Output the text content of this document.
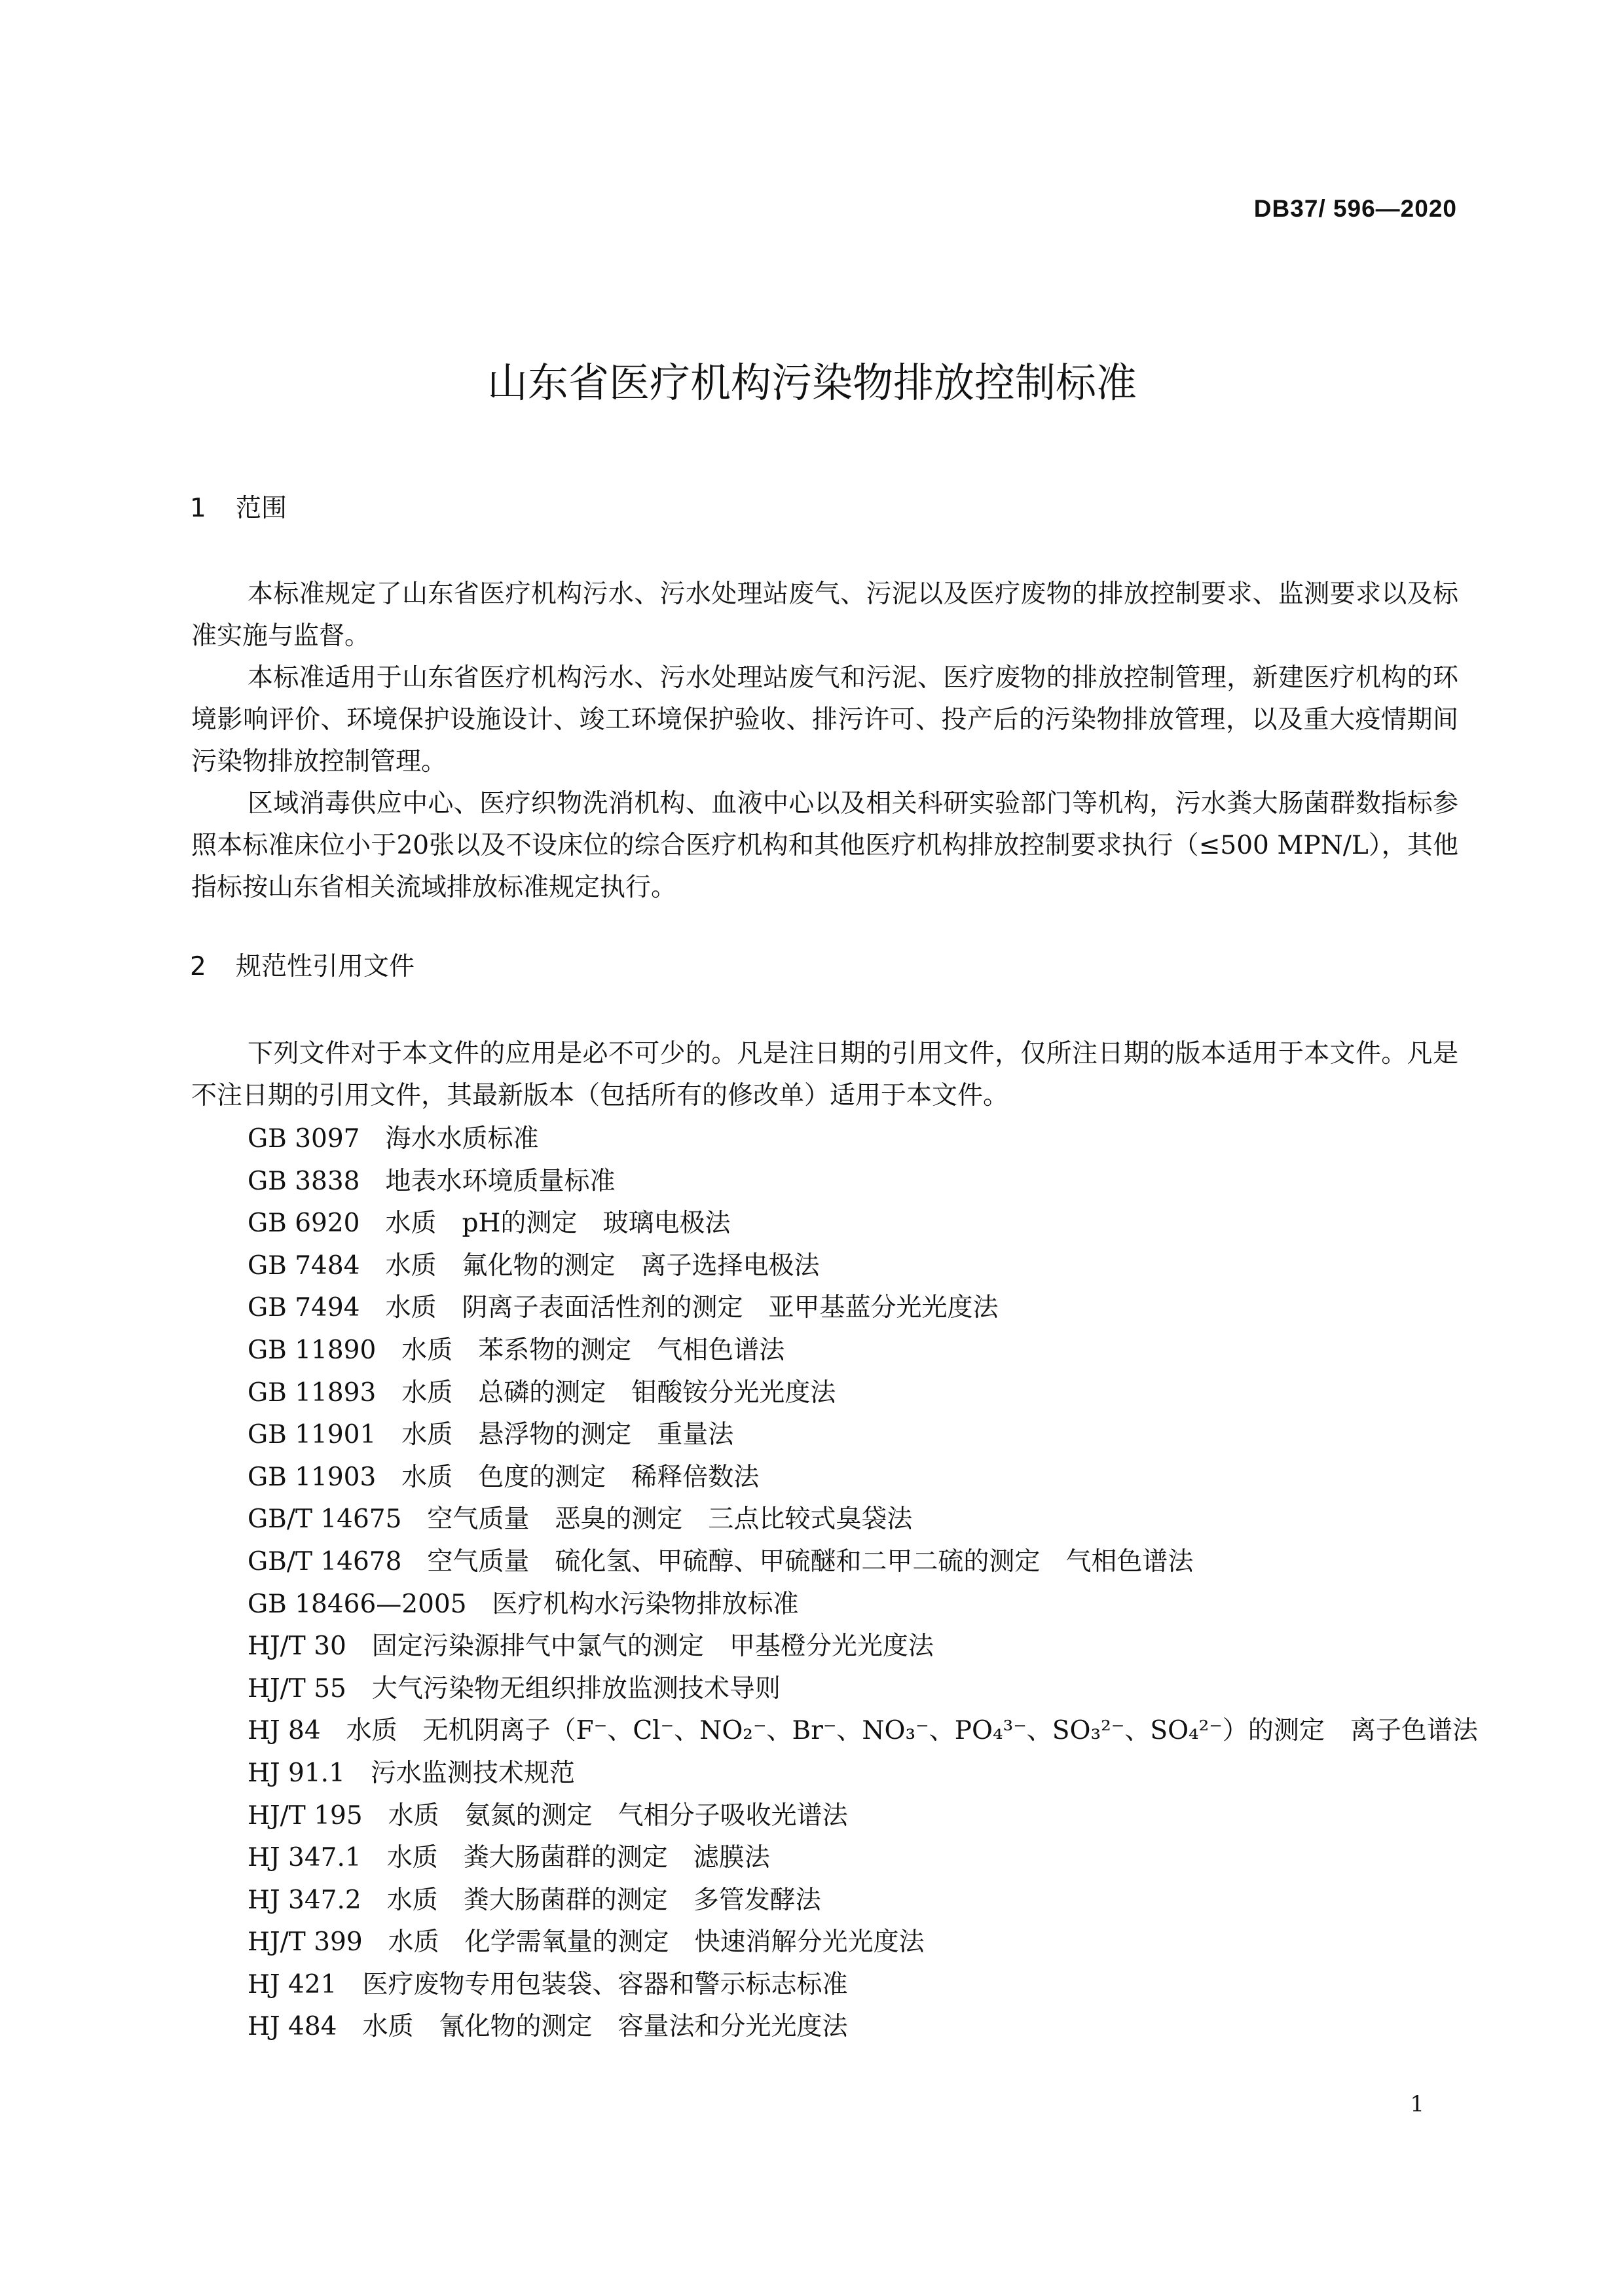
DB37/ 596—2020
山东省医疗机构污染物排放控制标准
1 范围

本标准规定了山东省医疗机构污水、污水处理站废气、污泥以及医疗废物的排放控制要求、监测要求以及标准实施与监督。

本标准适用于山东省医疗机构污水、污水处理站废气和污泥、医疗废物的排放控制管理，新建医疗机构的环境影响评价、环境保护设施设计、竣工环境保护验收、排污许可、投产后的污染物排放管理，以及重大疫情期间污染物排放控制管理。

区域消毒供应中心、医疗织物洗消机构、血液中心以及相关科研实验部门等机构，污水粪大肠菌群数指标参照本标准床位小于20张以及不设床位的综合医疗机构和其他医疗机构排放控制要求执行（≤500 MPN/L），其他指标按山东省相关流域排放标准规定执行。

2 规范性引用文件

下列文件对于本文件的应用是必不可少的。凡是注日期的引用文件，仅所注日期的版本适用于本文件。凡是不注日期的引用文件，其最新版本（包括所有的修改单）适用于本文件。

GB 3097　海水水质标准
GB 3838　地表水环境质量标准
GB 6920　水质　pH的测定　玻璃电极法
GB 7484　水质　氟化物的测定　离子选择电极法
GB 7494　水质　阴离子表面活性剂的测定　亚甲基蓝分光光度法
GB 11890　水质　苯系物的测定　气相色谱法
GB 11893　水质　总磷的测定　钼酸铵分光光度法
GB 11901　水质　悬浮物的测定　重量法
GB 11903　水质　色度的测定　稀释倍数法
GB/T 14675　空气质量　恶臭的测定　三点比较式臭袋法
GB/T 14678　空气质量　硫化氢、甲硫醇、甲硫醚和二甲二硫的测定　气相色谱法
GB 18466—2005　医疗机构水污染物排放标准
HJ/T 30　固定污染源排气中氯气的测定　甲基橙分光光度法
HJ/T 55　大气污染物无组织排放监测技术导则
HJ 84　水质　无机阴离子（F⁻、Cl⁻、NO₂⁻、Br⁻、NO₃⁻、PO₄³⁻、SO₃²⁻、SO₄²⁻）的测定　离子色谱法
HJ 91.1　污水监测技术规范
HJ/T 195　水质　氨氮的测定　气相分子吸收光谱法
HJ 347.1　水质　粪大肠菌群的测定　滤膜法
HJ 347.2　水质　粪大肠菌群的测定　多管发酵法
HJ/T 399　水质　化学需氧量的测定　快速消解分光光度法
HJ 421　医疗废物专用包装袋、容器和警示标志标准
HJ 484　水质　氰化物的测定　容量法和分光光度法
1
